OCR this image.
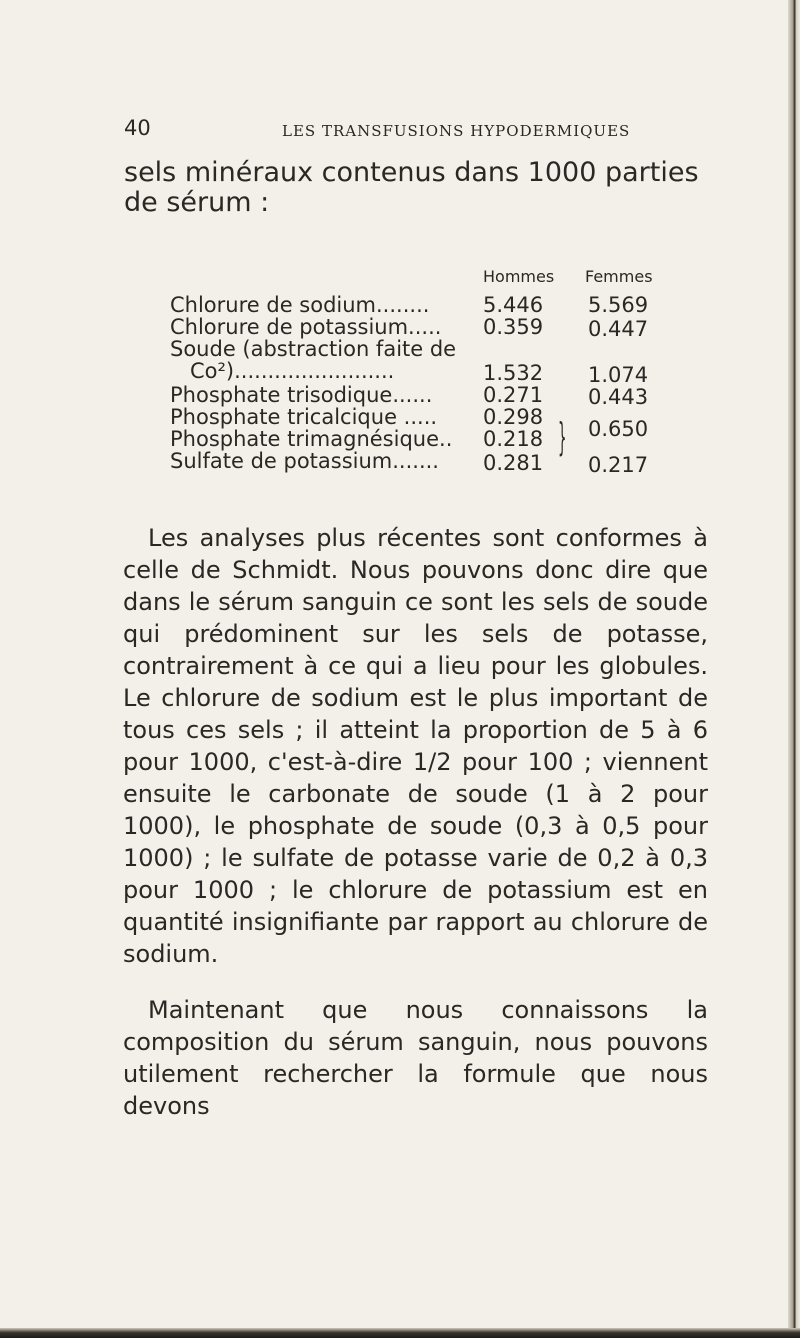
40	LES TRANSFUSIONS HYPODERMIQUES
sels minéraux contenus dans 1000 parties de sérum :
Hommes Femmes
Chlorure de sodium........	5.446 5.569
Chlorure de potassium..... 0.359 0.447
Soude (abstraction faite de
Co²)........................	1.532 1.074
Phosphate trisodique...... 0.271 0.443
Phosphate tricalcique ..... 0.298
Phosphate trimagnésique.. 0.218 } 0.650
Sulfate de potassium....... 0.281 0.217

Les analyses plus récentes sont conformes à celle de Schmidt. Nous pouvons donc dire que dans le sérum sanguin ce sont les sels de soude qui prédominent sur les sels de potasse, contrairement à ce qui a lieu pour les globules. Le chlorure de sodium est le plus important de tous ces sels ; il atteint la proportion de 5 à 6 pour 1000, c'est-à-dire 1/2 pour 100 ; viennent ensuite le carbonate de soude (1 à 2 pour 1000), le phosphate de soude (0,3 à 0,5 pour 1000) ; le sulfate de potasse varie de 0,2 à 0,3 pour 1000 ; le chlorure de potassium est en quantité insignifiante par rapport au chlorure de sodium.

Maintenant que nous connaissons la composition du sérum sanguin, nous pouvons utilement rechercher la formule que nous devons
